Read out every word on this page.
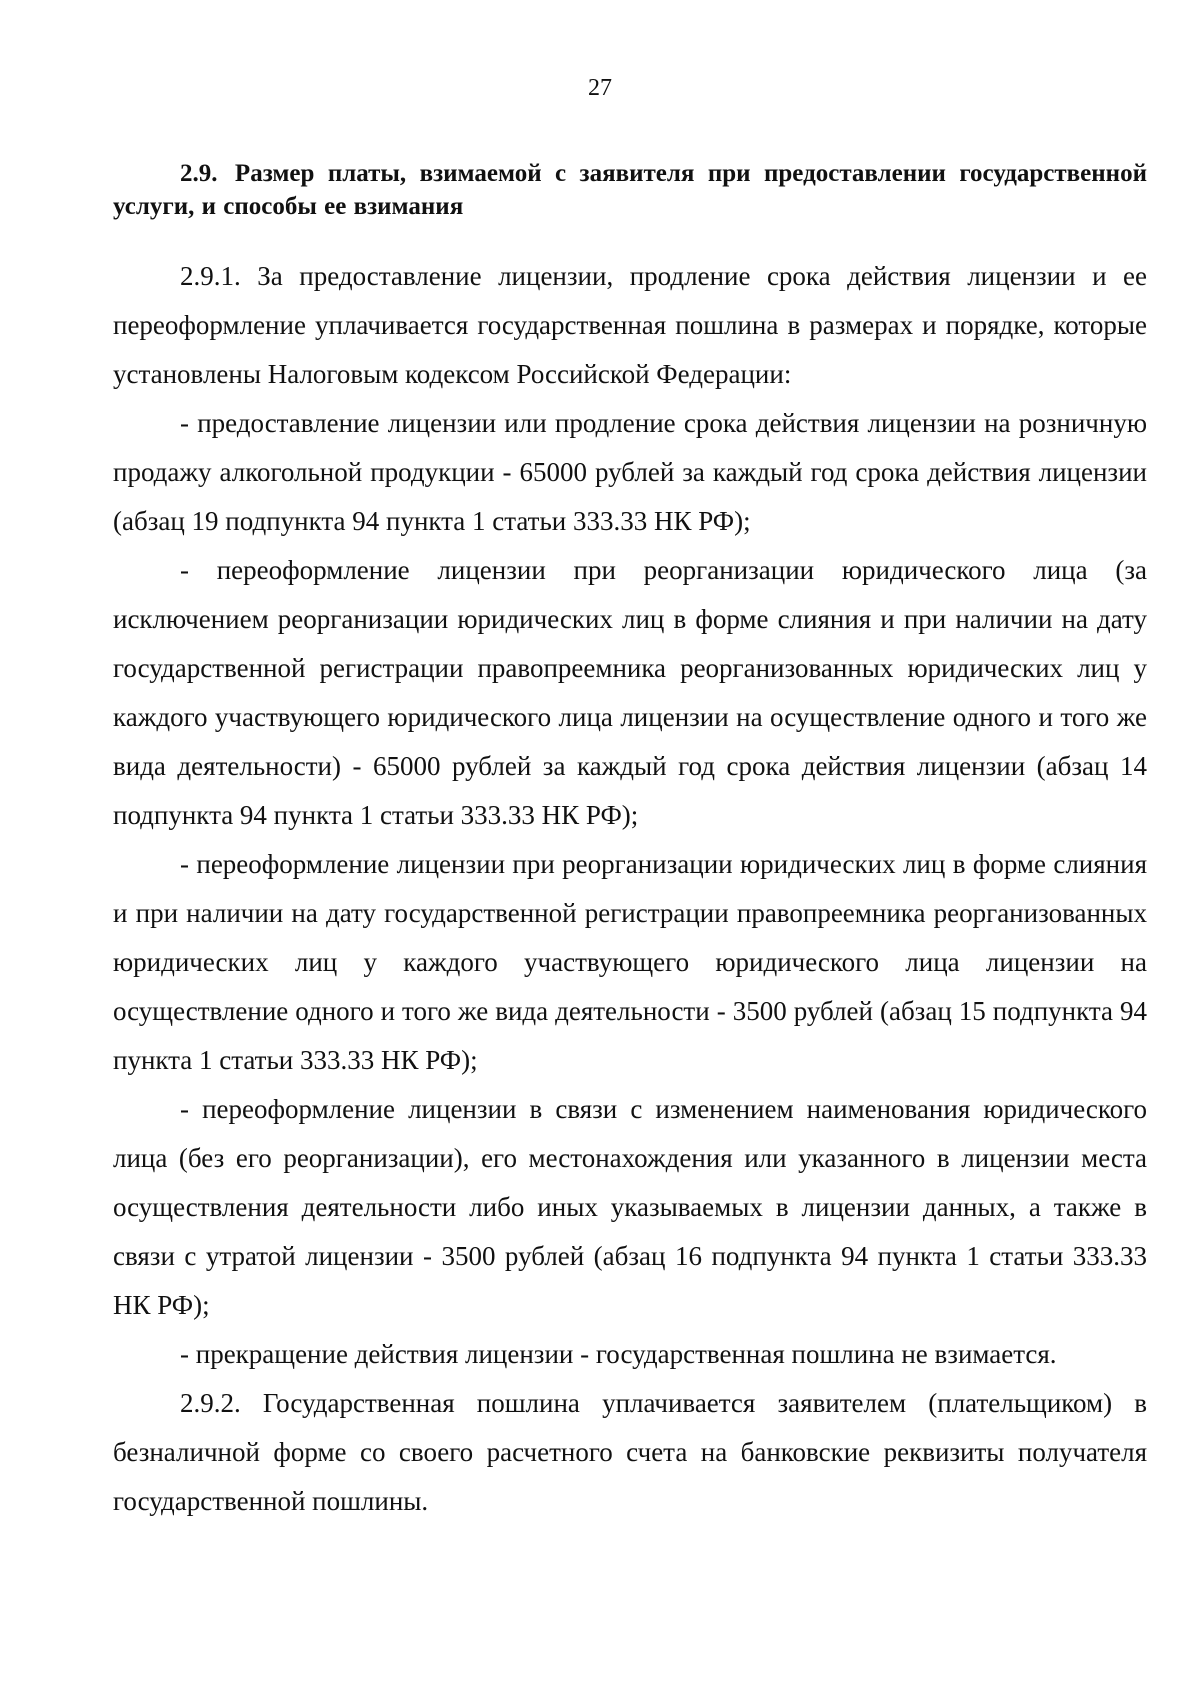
27
2.9. Размер платы, взимаемой с заявителя при предоставлении государственной услуги, и способы ее взимания

2.9.1. За предоставление лицензии, продление срока действия лицензии и ее переоформление уплачивается государственная пошлина в размерах и порядке, которые установлены Налоговым кодексом Российской Федерации:

- предоставление лицензии или продление срока действия лицензии на розничную продажу алкогольной продукции - 65000 рублей за каждый год срока действия лицензии (абзац 19 подпункта 94 пункта 1 статьи 333.33 НК РФ);

- переоформление лицензии при реорганизации юридического лица (за исключением реорганизации юридических лиц в форме слияния и при наличии на дату государственной регистрации правопреемника реорганизованных юридических лиц у каждого участвующего юридического лица лицензии на осуществление одного и того же вида деятельности) - 65000 рублей за каждый год срока действия лицензии (абзац 14 подпункта 94 пункта 1 статьи 333.33 НК РФ);

- переоформление лицензии при реорганизации юридических лиц в форме слияния и при наличии на дату государственной регистрации правопреемника реорганизованных юридических лиц у каждого участвующего юридического лица лицензии на осуществление одного и того же вида деятельности - 3500 рублей (абзац 15 подпункта 94 пункта 1 статьи 333.33 НК РФ);

- переоформление лицензии в связи с изменением наименования юридического лица (без его реорганизации), его местонахождения или указанного в лицензии места осуществления деятельности либо иных указываемых в лицензии данных, а также в связи с утратой лицензии - 3500 рублей (абзац 16 подпункта 94 пункта 1 статьи 333.33 НК РФ);

- прекращение действия лицензии - государственная пошлина не взимается.

2.9.2. Государственная пошлина уплачивается заявителем (плательщиком) в безналичной форме со своего расчетного счета на банковские реквизиты получателя государственной пошлины.
